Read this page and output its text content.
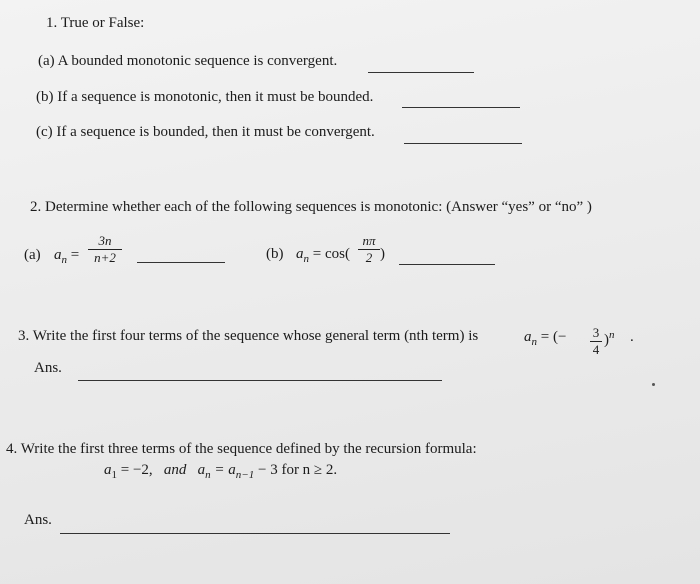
1. True or False:
(a) A bounded monotonic sequence is convergent.
(b) If a sequence is monotonic, then it must be bounded.
(c) If a sequence is bounded, then it must be convergent.
2. Determine whether each of the following sequences is monotonic: (Answer “yes” or “no” )
(a) $a_n$ =
3n
n+2	(b) $a_n = \cos$(
nπ
2 )
3. Write the first four terms of the sequence whose general term (nth term) is	$a_n$ = (− 3
4
)$^n$ .
Ans.
4. Write the first three terms of the sequence defined by the recursion formula:
$a_1 = -2$, and $a_n = a_{n-1} - 3$ for n ≥ 2.
Ans.
